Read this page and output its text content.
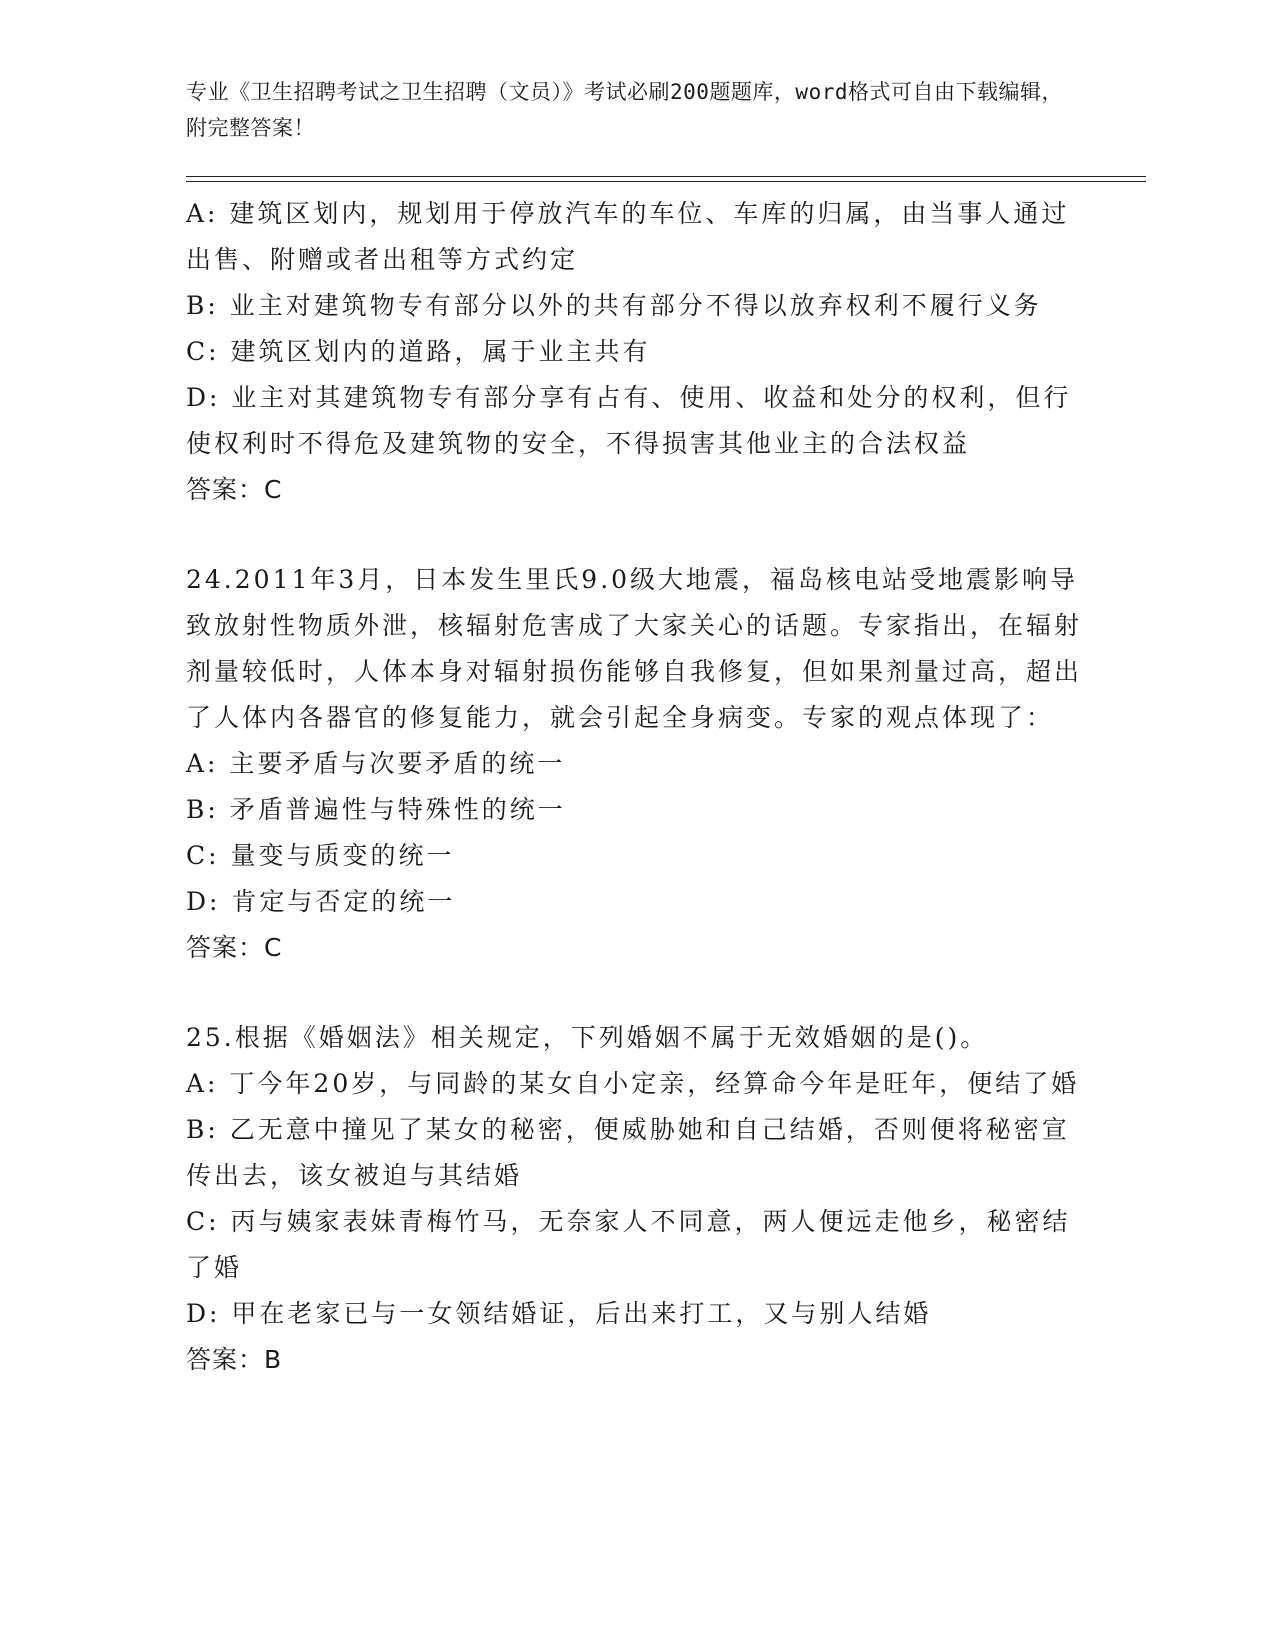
专业《卫生招聘考试之卫生招聘（文员）》考试必刷200题题库，word格式可自由下载编辑，附完整答案！

A: 建筑区划内，规划用于停放汽车的车位、车库的归属，由当事人通过出售、附赠或者出租等方式约定

B: 业主对建筑物专有部分以外的共有部分不得以放弃权利不履行义务

C: 建筑区划内的道路，属于业主共有

D: 业主对其建筑物专有部分享有占有、使用、收益和处分的权利，但行使权利时不得危及建筑物的安全，不得损害其他业主的合法权益

答案：C

24.2011年3月，日本发生里氏9.0级大地震，福岛核电站受地震影响导致放射性物质外泄，核辐射危害成了大家关心的话题。专家指出，在辐射剂量较低时，人体本身对辐射损伤能够自我修复，但如果剂量过高，超出了人体内各器官的修复能力，就会引起全身病变。专家的观点体现了：

A: 主要矛盾与次要矛盾的统一

B: 矛盾普遍性与特殊性的统一

C: 量变与质变的统一

D: 肯定与否定的统一

答案：C

25.根据《婚姻法》相关规定，下列婚姻不属于无效婚姻的是()。

A: 丁今年20岁，与同龄的某女自小定亲，经算命今年是旺年，便结了婚

B: 乙无意中撞见了某女的秘密，便威胁她和自己结婚，否则便将秘密宣传出去，该女被迫与其结婚

C: 丙与姨家表妹青梅竹马，无奈家人不同意，两人便远走他乡，秘密结了婚

D: 甲在老家已与一女领结婚证，后出来打工，又与别人结婚

答案：B
